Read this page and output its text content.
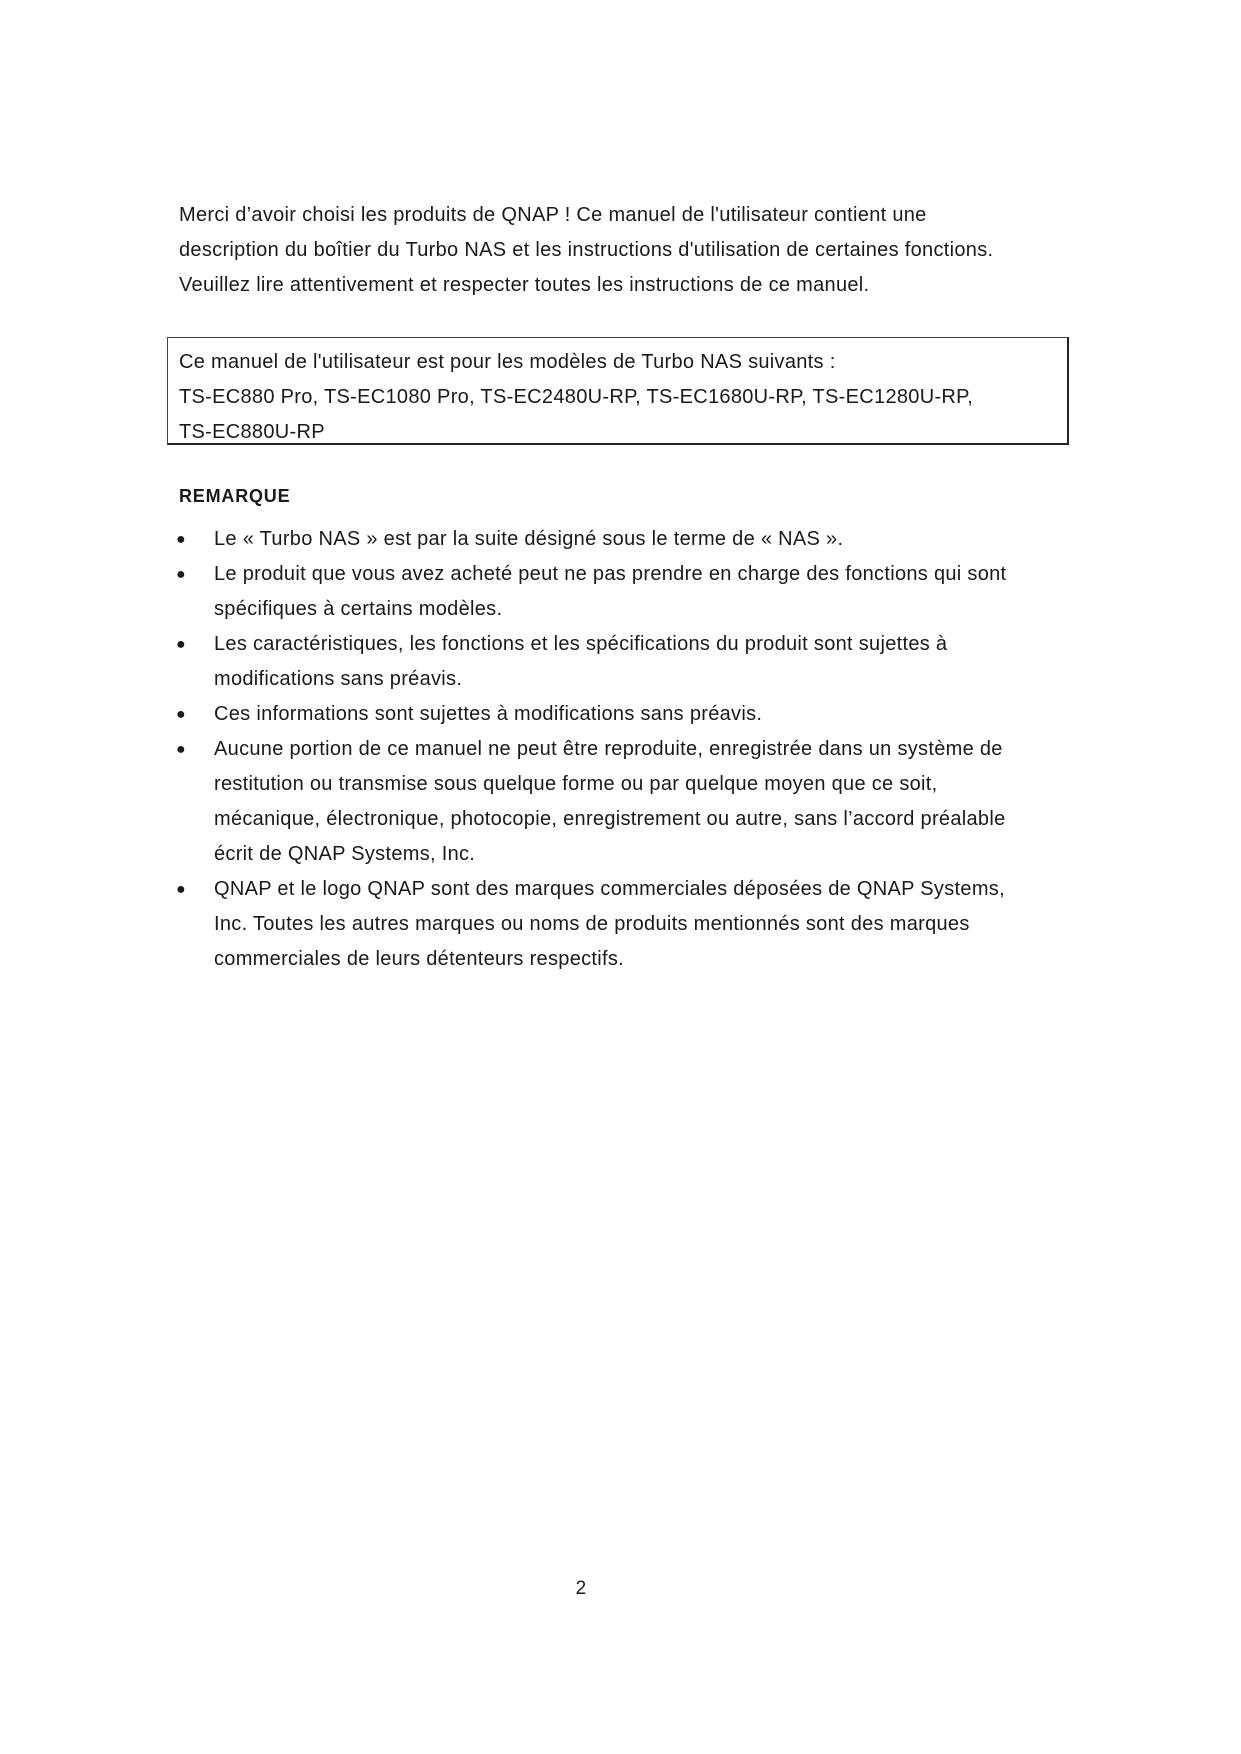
Merci d’avoir choisi les produits de QNAP ! Ce manuel de l'utilisateur contient une
description du boîtier du Turbo NAS et les instructions d'utilisation de certaines fonctions.
Veuillez lire attentivement et respecter toutes les instructions de ce manuel.

Ce manuel de l'utilisateur est pour les modèles de Turbo NAS suivants :
TS-EC880 Pro, TS-EC1080 Pro, TS-EC2480U-RP, TS-EC1680U-RP, TS-EC1280U-RP,
TS-EC880U-RP
REMARQUE
● Le « Turbo NAS » est par la suite désigné sous le terme de « NAS ».
● Le produit que vous avez acheté peut ne pas prendre en charge des fonctions qui sont
spécifiques à certains modèles.
● Les caractéristiques, les fonctions et les spécifications du produit sont sujettes à
modifications sans préavis.
● Ces informations sont sujettes à modifications sans préavis.
● Aucune portion de ce manuel ne peut être reproduite, enregistrée dans un système de
restitution ou transmise sous quelque forme ou par quelque moyen que ce soit,
mécanique, électronique, photocopie, enregistrement ou autre, sans l’accord préalable
écrit de QNAP Systems, Inc.
● QNAP et le logo QNAP sont des marques commerciales déposées de QNAP Systems,
Inc. Toutes les autres marques ou noms de produits mentionnés sont des marques
commerciales de leurs détenteurs respectifs.
2
